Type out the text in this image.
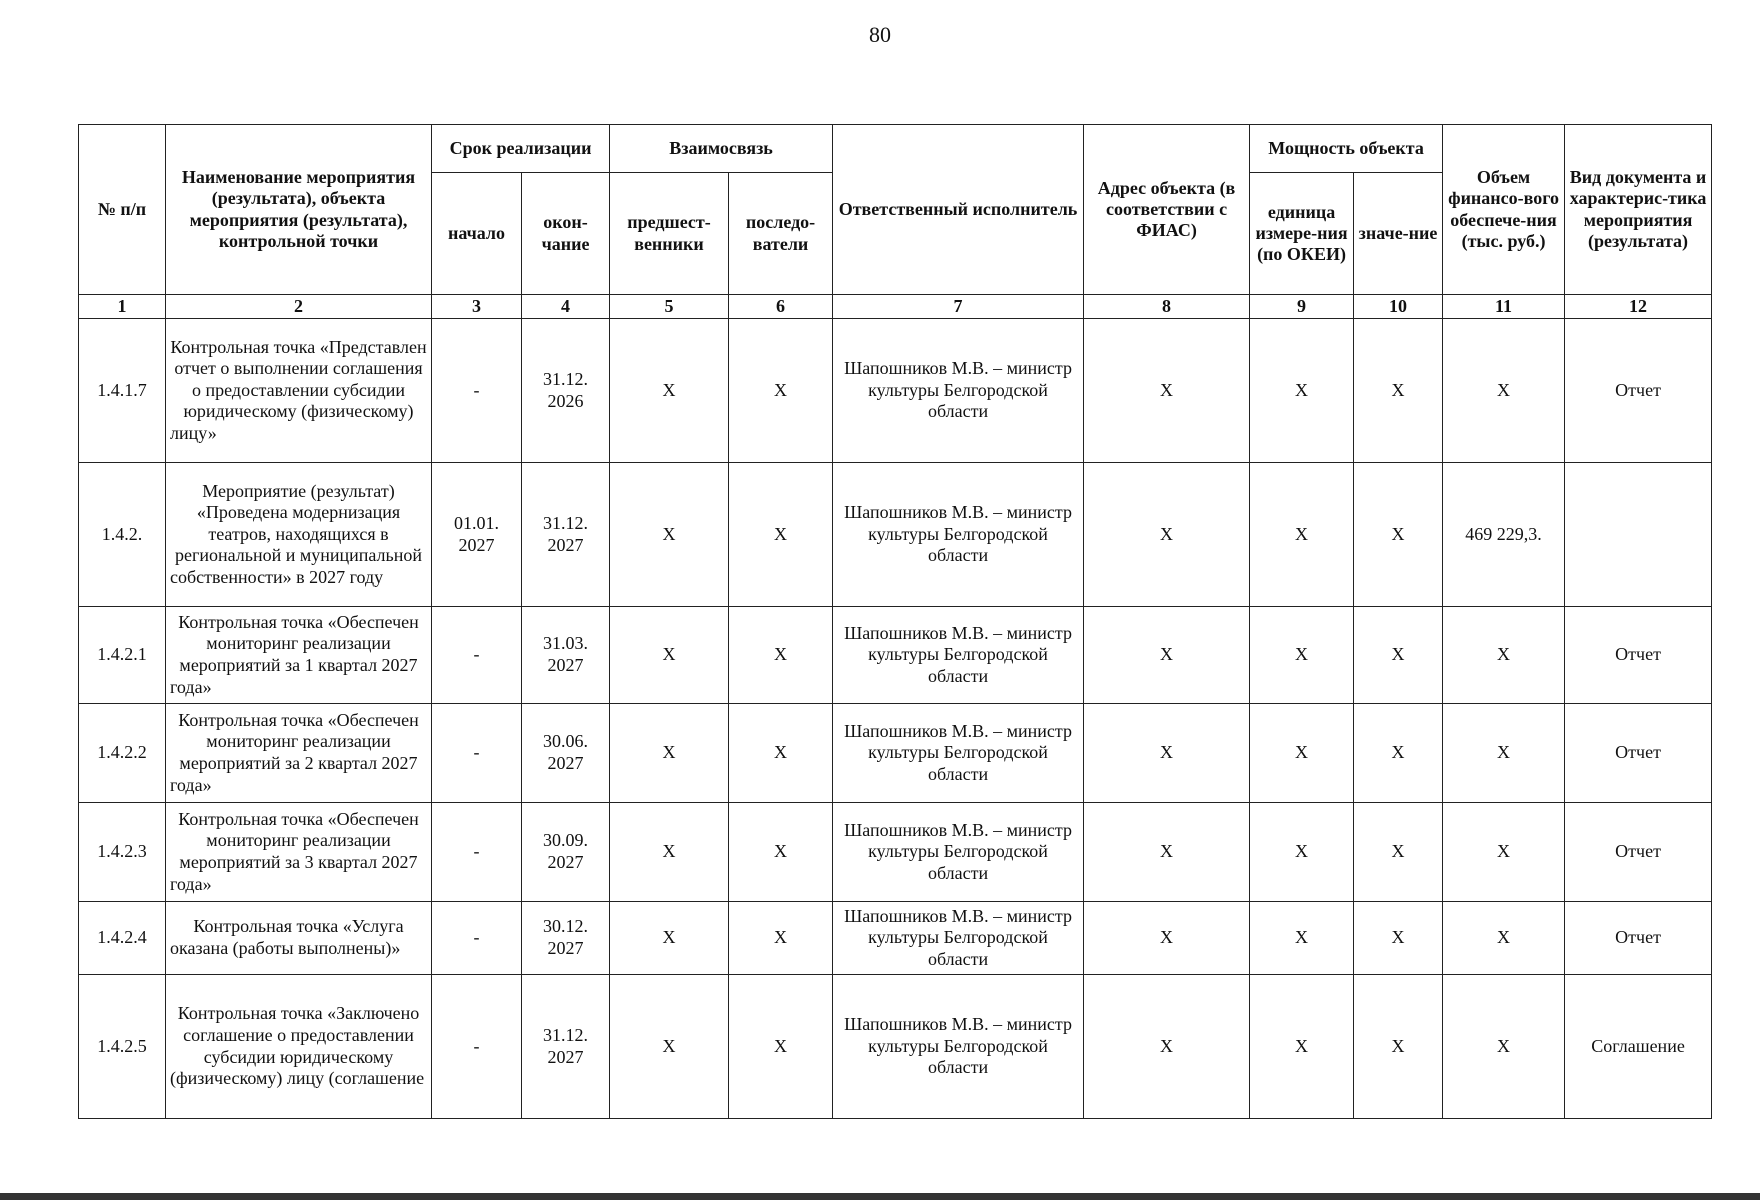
80
№ п/п	Наименование мероприятия (результата), объекта мероприятия (результата), контрольной точки	Срок реализации		Взаимосвязь		Ответственный исполнитель	Адрес объекта (в соответствии с ФИАС)	Мощность объекта		Объем финансо-вого обеспече-ния (тыс. руб.)	Вид документа и характерис-тика мероприятия (результата)
		начало	окон-чание	предшест-венники	последо-ватели			единица измере-ния (по ОКЕИ)	значе-ние		
1	2	3	4	5	6	7	8	9	10	11	12
1.4.1.7	Контрольная точка «Представлен отчет о выполнении соглашения о предоставлении субсидии юридическому (физическому) лицу»	-	31.12. 2026	X	X	Шапошников М.В. – министр культуры Белгородской области	X	X	X	X	Отчет
1.4.2.	Мероприятие (результат) «Проведена модернизация театров, находящихся в региональной и муниципальной собственности» в 2027 году	01.01. 2027	31.12. 2027	X	X	Шапошников М.В. – министр культуры Белгородской области	X	X	X	469 229,3.	
1.4.2.1	Контрольная точка «Обеспечен мониторинг реализации мероприятий за 1 квартал 2027 года»	-	31.03. 2027	X	X	Шапошников М.В. – министр культуры Белгородской области	X	X	X	X	Отчет
1.4.2.2	Контрольная точка «Обеспечен мониторинг реализации мероприятий за 2 квартал 2027 года»	-	30.06. 2027	X	X	Шапошников М.В. – министр культуры Белгородской области	X	X	X	X	Отчет
1.4.2.3	Контрольная точка «Обеспечен мониторинг реализации мероприятий за 3 квартал 2027 года»	-	30.09. 2027	X	X	Шапошников М.В. – министр культуры Белгородской области	X	X	X	X	Отчет
1.4.2.4	Контрольная точка «Услуга оказана (работы выполнены)»	-	30.12. 2027	X	X	Шапошников М.В. – министр культуры Белгородской области	X	X	X	X	Отчет
1.4.2.5	Контрольная точка «Заключено соглашение о предоставлении субсидии юридическому (физическому) лицу (соглашение	-	31.12. 2027	X	X	Шапошников М.В. – министр культуры Белгородской области	X	X	X	X	Соглашение
